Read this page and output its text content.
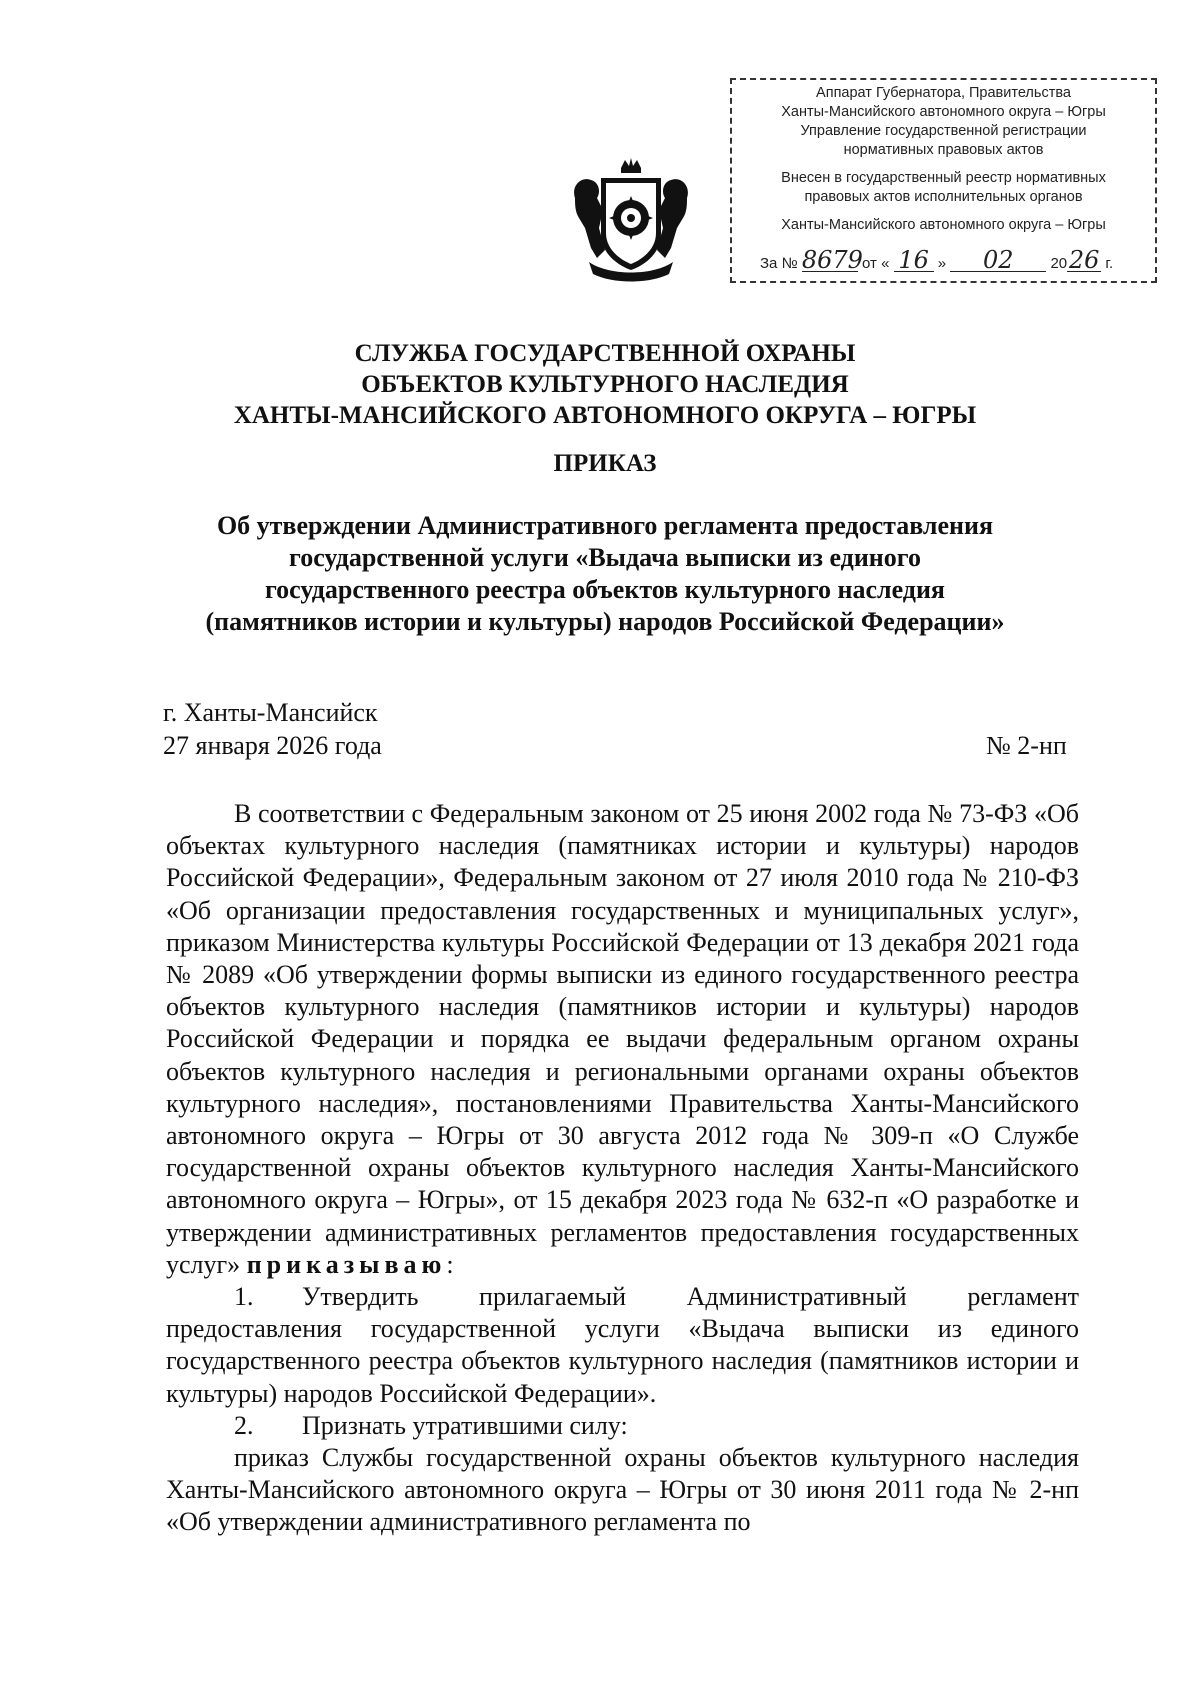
Аппарат Губернатора, Правительства
Ханты-Мансийского автономного округа – Югры
Управление государственной регистрации
нормативных правовых актов
Внесен в государственный реестр нормативных
правовых актов исполнительных органов
Ханты-Мансийского автономного округа – Югры
За № 8679 от « 16 » 02 2026 г.
СЛУЖБА ГОСУДАРСТВЕННОЙ ОХРАНЫ
ОБЪЕКТОВ КУЛЬТУРНОГО НАСЛЕДИЯ
ХАНТЫ-МАНСИЙСКОГО АВТОНОМНОГО ОКРУГА – ЮГРЫ
ПРИКАЗ
Об утверждении Административного регламента предоставления
государственной услуги «Выдача выписки из единого
государственного реестра объектов культурного наследия
(памятников истории и культуры) народов Российской Федерации»
г. Ханты-Мансийск
27 января 2026 года	№ 2-нп

В соответствии с Федеральным законом от 25 июня 2002 года № 73-ФЗ «Об объектах культурного наследия (памятниках истории и культуры) народов Российской Федерации», Федеральным законом от 27 июля 2010 года № 210-ФЗ «Об организации предоставления государственных и муниципальных услуг», приказом Министерства культуры Российской Федерации от 13 декабря 2021 года № 2089 «Об утверждении формы выписки из единого государственного реестра объектов культурного наследия (памятников истории и культуры) народов Российской Федерации и порядка ее выдачи федеральным органом охраны объектов культурного наследия и региональными органами охраны объектов культурного наследия», постановлениями Правительства Ханты-Мансийского автономного округа – Югры от 30 августа 2012 года № 309-п «О Службе государственной охраны объектов культурного наследия Ханты-Мансийского автономного округа – Югры», от 15 декабря 2023 года № 632-п «О разработке и утверждении административных регламентов предоставления государственных услуг» приказываю:

1. Утвердить прилагаемый Административный регламент предоставления государственной услуги «Выдача выписки из единого государственного реестра объектов культурного наследия (памятников истории и культуры) народов Российской Федерации».

2. Признать утратившими силу:

приказ Службы государственной охраны объектов культурного наследия Ханты-Мансийского автономного округа – Югры от 30 июня 2011 года № 2-нп «Об утверждении административного регламента по
